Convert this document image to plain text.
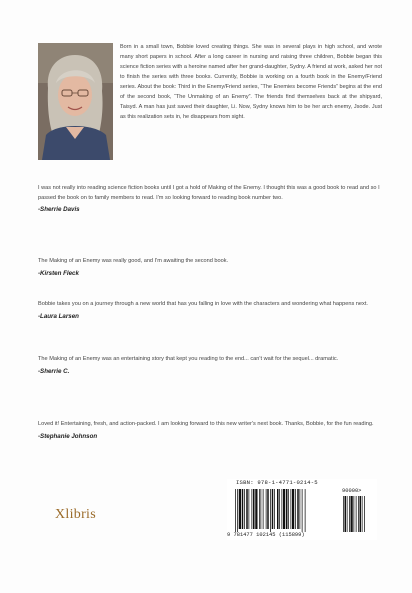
Born in a small town, Bobbie loved creating things. She was in several plays in high school, and wrote many short papers in school. After a long career in nursing and raising three children, Bobbie began this science fiction series with a heroine named after her grand-daughter, Sydny. A friend at work, asked her not to finish the series with three books. Currently, Bobbie is working on a fourth book in the Enemy/Friend series. About the book: Third in the Enemy/Friend series, “The Enemies become Friends” begins at the end of the second book, “The Unmaking of an Enemy”. The friends find themselves back at the shipyard, Taisyd. A man has just saved their daughter, Li. Now, Sydny knows him to be her arch enemy, Jsode. Just as this realization sets in, he disappears from sight.
I was not really into reading science fiction books until I got a hold of Making of the Enemy. I thought this was a good book to read and so I passed the book on to family members to read. I'm so looking forward to reading book number two.
-Sherrie Davis
The Making of an Enemy was really good, and I'm awaiting the second book.
-Kirsten Fleck
Bobbie takes you on a journey through a new world that has you falling in love with the characters and wondering what happens next.
-Laura Larsen
The Making of an Enemy was an entertaining story that kept you reading to the end... can't wait for the sequel... dramatic.
-Sherrie C.
Loved it! Entertaining, fresh, and action-packed. I am looking forward to this new writer's next book. Thanks, Bobbie, for the fun reading.
-Stephanie Johnson
Xlibris
ISBN: 978-1-4771-0214-5
90000>
9 781477 102145 (115899)
